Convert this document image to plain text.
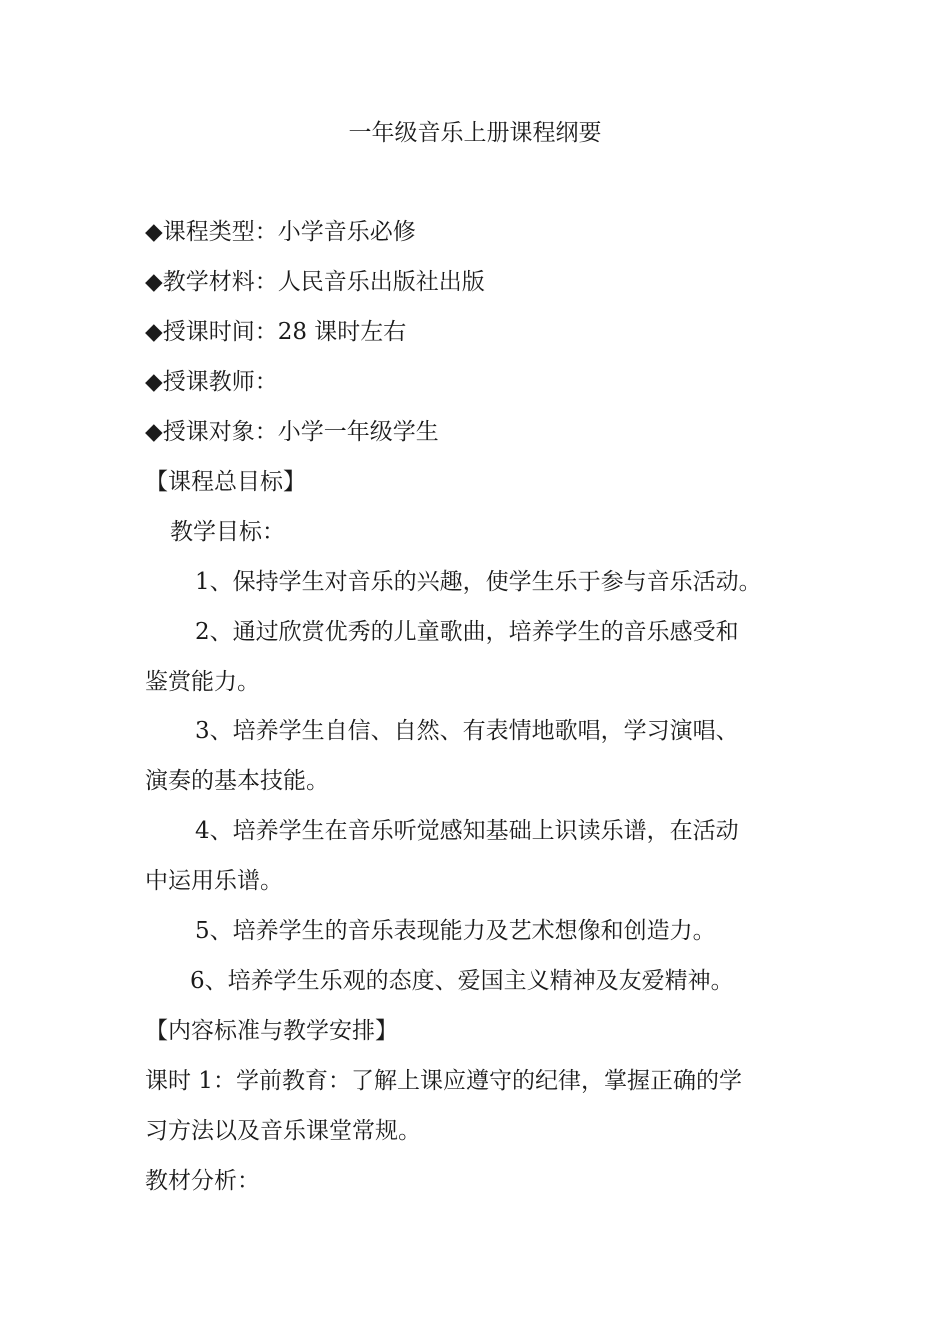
一年级音乐上册课程纲要
◆课程类型：小学音乐必修
◆教学材料：人民音乐出版社出版
◆授课时间：28 课时左右
◆授课教师：
◆授课对象：小学一年级学生
【课程总目标】
教学目标：
1、保持学生对音乐的兴趣，使学生乐于参与音乐活动。
2、通过欣赏优秀的儿童歌曲，培养学生的音乐感受和
鉴赏能力。
3、培养学生自信、自然、有表情地歌唱，学习演唱、
演奏的基本技能。
4、培养学生在音乐听觉感知基础上识读乐谱，在活动
中运用乐谱。
5、培养学生的音乐表现能力及艺术想像和创造力。
6、培养学生乐观的态度、爱国主义精神及友爱精神。
【内容标准与教学安排】
课时 1：学前教育：了解上课应遵守的纪律，掌握正确的学
习方法以及音乐课堂常规。
教材分析：
